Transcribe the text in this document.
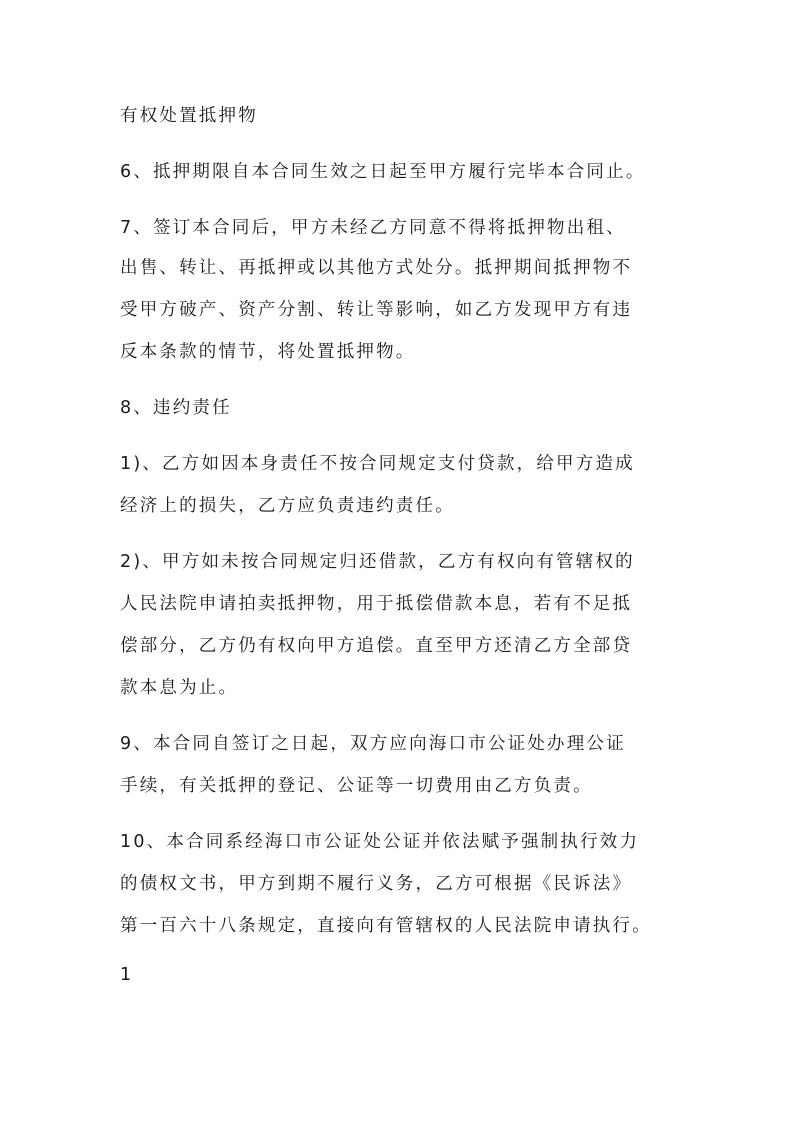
有权处置抵押物

6、抵押期限自本合同生效之日起至甲方履行完毕本合同止。

7、签订本合同后，甲方未经乙方同意不得将抵押物出租、

出售、转让、再抵押或以其他方式处分。抵押期间抵押物不

受甲方破产、资产分割、转让等影响，如乙方发现甲方有违

反本条款的情节，将处置抵押物。

8、违约责任

1)、乙方如因本身责任不按合同规定支付贷款，给甲方造成

经济上的损失，乙方应负责违约责任。

2)、甲方如未按合同规定归还借款，乙方有权向有管辖权的

人民法院申请拍卖抵押物，用于抵偿借款本息，若有不足抵

偿部分，乙方仍有权向甲方追偿。直至甲方还清乙方全部贷

款本息为止。

9、本合同自签订之日起，双方应向海口市公证处办理公证

手续，有关抵押的登记、公证等一切费用由乙方负责。

10、本合同系经海口市公证处公证并依法赋予强制执行效力

的债权文书，甲方到期不履行义务，乙方可根据《民诉法》

第一百六十八条规定，直接向有管辖权的人民法院申请执行。

1
